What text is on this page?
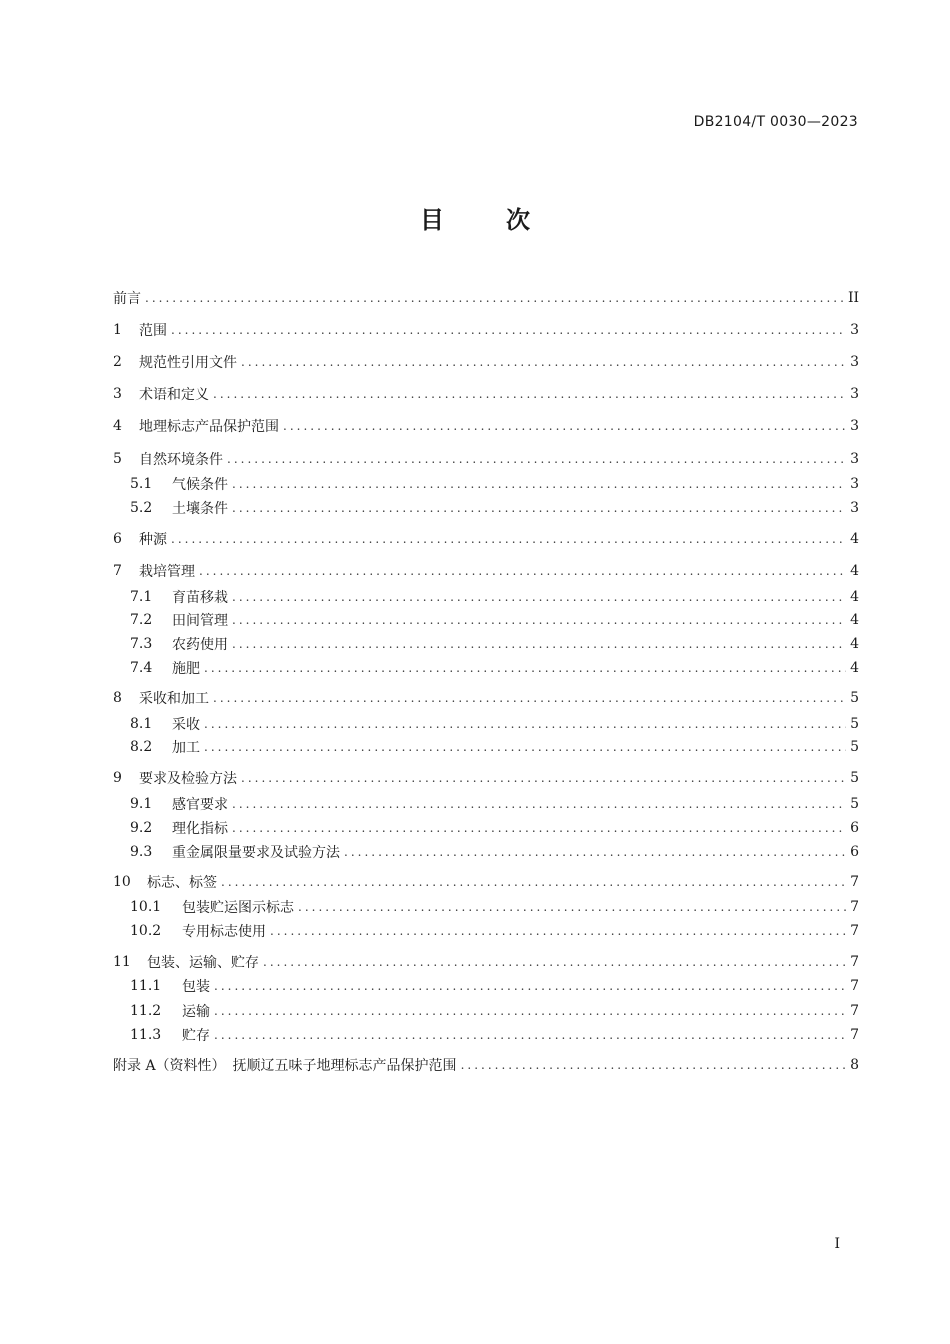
DB2104/T 0030—2023
目	次
前言 .....	II
1	范围 .....	3
2	规范性引用文件 .....	3
3	术语和定义 .....	3
4	地理标志产品保护范围 .....	3
5	自然环境条件 .....	3
5.1	气候条件 .....	3
5.2	土壤条件 .....	3
6	种源 .....	4
7	栽培管理 .....	4
7.1	育苗移栽 .....	4
7.2	田间管理 .....	4
7.3	农药使用 .....	4
7.4	施肥 .....	4
8	采收和加工 .....	5
8.1	采收 .....	5
8.2	加工 .....	5
9	要求及检验方法 .....	5
9.1	感官要求 .....	5
9.2	理化指标 .....	6
9.3	重金属限量要求及试验方法 .....	6
10	标志、标签 .....	7
10.1	包装贮运图示标志 .....	7
10.2	专用标志使用 .....	7
11	包装、运输、贮存 .....	7
11.1	包装 .....	7
11.2	运输 .....	7
11.3	贮存 .....	7
附录 A（资料性）　抚顺辽五味子地理标志产品保护范围 .....	8
I
